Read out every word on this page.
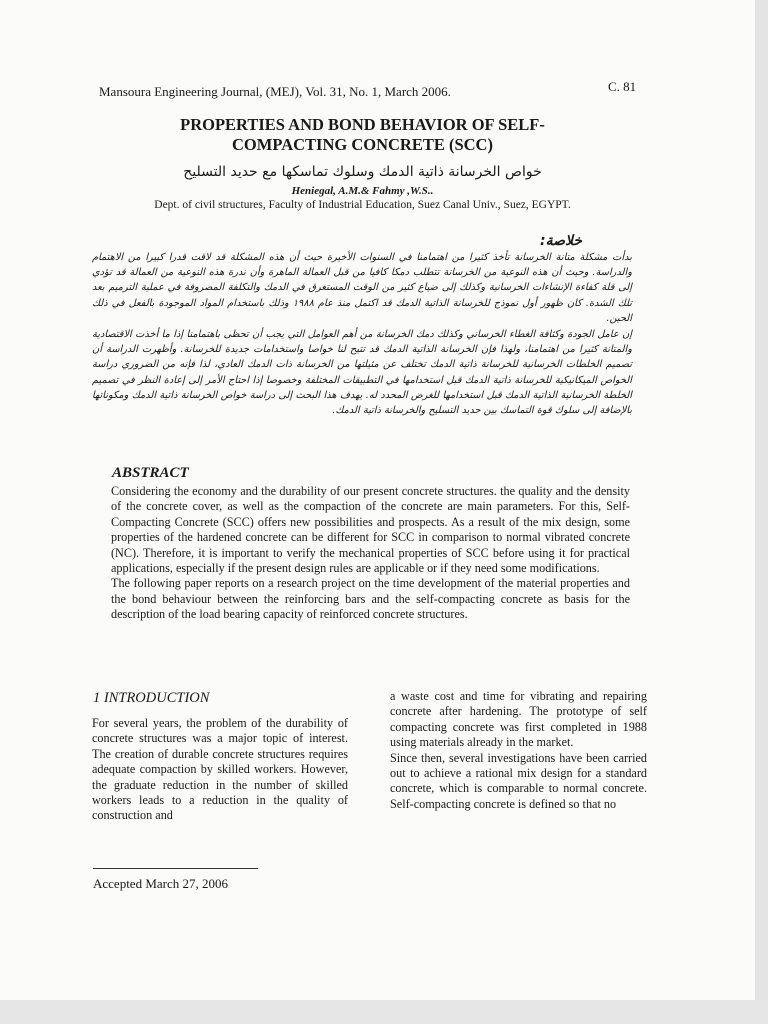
Mansoura Engineering Journal, (MEJ), Vol. 31, No. 1, March 2006.	C. 81
PROPERTIES AND BOND BEHAVIOR OF SELF-
COMPACTING CONCRETE (SCC)
خواص الخرسانة ذاتية الدمك وسلوك تماسكها مع حديد التسليح
Heniegal, A.M.& Fahmy ,W.S..
Dept. of civil structures, Faculty of Industrial Education, Suez Canal Univ., Suez, EGYPT.
خلاصة:

بدأت مشكلة متانة الخرسانة تأخذ كثيرا من اهتمامنا في السنوات الأخيرة حيث أن هذه المشكلة قد لاقت قدرا كبيرا من الاهتمام والدراسة. وحيث أن هذه النوعية من الخرسانة تتطلب دمكا كافيا من قبل العمالة الماهرة وأن ندرة هذه النوعية من العمالة قد تؤدي إلى قلة كفاءة الإنشاءات الخرسانية وكذلك إلى ضياع كثير من الوقت المستغرق في الدمك والتكلفة المصروفة في عملية الترميم بعد تلك الشدة. كان ظهور أول نموذج للخرسانة الذاتية الدمك قد اكتمل منذ عام ١٩٨٨ وذلك باستخدام المواد الموجودة بالفعل في ذلك الحين.

إن عامل الجودة وكثافة الغطاء الخرساني وكذلك دمك الخرسانة من أهم العوامل التي يجب أن تحظى باهتمامنا إذا ما أخذت الاقتصادية والمتانة كثيرا من اهتمامنا، ولهذا فإن الخرسانة الذاتية الدمك قد تتيح لنا خواصا واستخدامات جديدة للخرسانة. وأظهرت الدراسة أن تصميم الخلطات الخرسانية للخرسانة ذاتية الدمك تختلف عن مثيلتها من الخرسانة ذات الدمك العادي، لذا فإنه من الضروري دراسة الخواص الميكانيكية للخرسانة ذاتية الدمك قبل استخدامها في التطبيقات المختلفة وخصوصا إذا احتاج الأمر إلى إعادة النظر في تصميم الخلطة الخرسانية الذاتية الدمك قبل استخدامها للغرض المحدد له. يهدف هذا البحث إلى دراسة خواص الخرسانة ذاتية الدمك ومكوناتها بالإضافة إلى سلوك قوة التماسك بين حديد التسليح والخرسانة ذاتية الدمك.

ABSTRACT

Considering the economy and the durability of our present concrete structures. the quality and the density of the concrete cover, as well as the compaction of the concrete are main parameters. For this, Self-Compacting Concrete (SCC) offers new possibilities and prospects. As a result of the mix design, some properties of the hardened concrete can be different for SCC in comparison to normal vibrated concrete (NC). Therefore, it is important to verify the mechanical properties of SCC before using it for practical applications, especially if the present design rules are applicable or if they need some modifications.

The following paper reports on a research project on the time development of the material properties and the bond behaviour between the reinforcing bars and the self-compacting concrete as basis for the description of the load bearing capacity of reinforced concrete structures.

1 INTRODUCTION

For several years, the problem of the durability of concrete structures was a major topic of interest. The creation of durable concrete structures requires adequate compaction by skilled workers. However, the graduate reduction in the number of skilled workers leads to a reduction in the quality of construction and

a waste cost and time for vibrating and repairing concrete after hardening. The prototype of self compacting concrete was first completed in 1988 using materials already in the market.

Since then, several investigations have been carried out to achieve a rational mix design for a standard concrete, which is comparable to normal concrete. Self-compacting concrete is defined so that no

Accepted March 27, 2006
